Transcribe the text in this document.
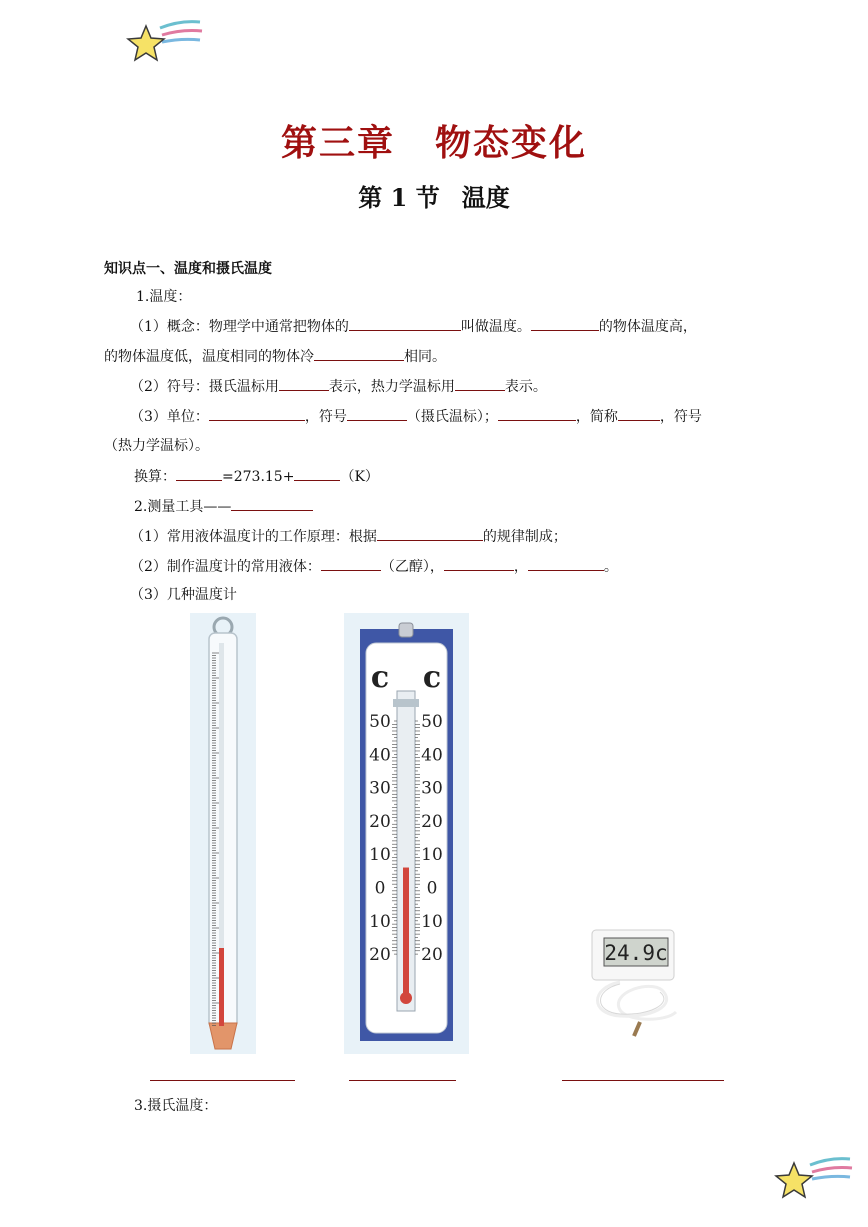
第三章 物态变化
第 1 节 温度
知识点一、温度和摄氏温度
1.温度：
（1）概念：物理学中通常把物体的	叫做温度。	的物体温度高，
的物体温度低，温度相同的物体冷	相同。
（2）符号：摄氏温标用	表示，热力学温标用	表示。
（3）单位：	，符号	（摄氏温标）；	，简称	，符号
（热力学温标）。
换算：	=273.15+	（K）
2.测量工具——
（1）常用液体温度计的工作原理：根据	的规律制成；
（2）制作温度计的常用液体：	（乙醇），	，	。
（3）几种温度计
c c
50 50
40 40
30 30
20 20
10 10
0 0
10 10
20 20	24.9c
3.摄氏温度：
